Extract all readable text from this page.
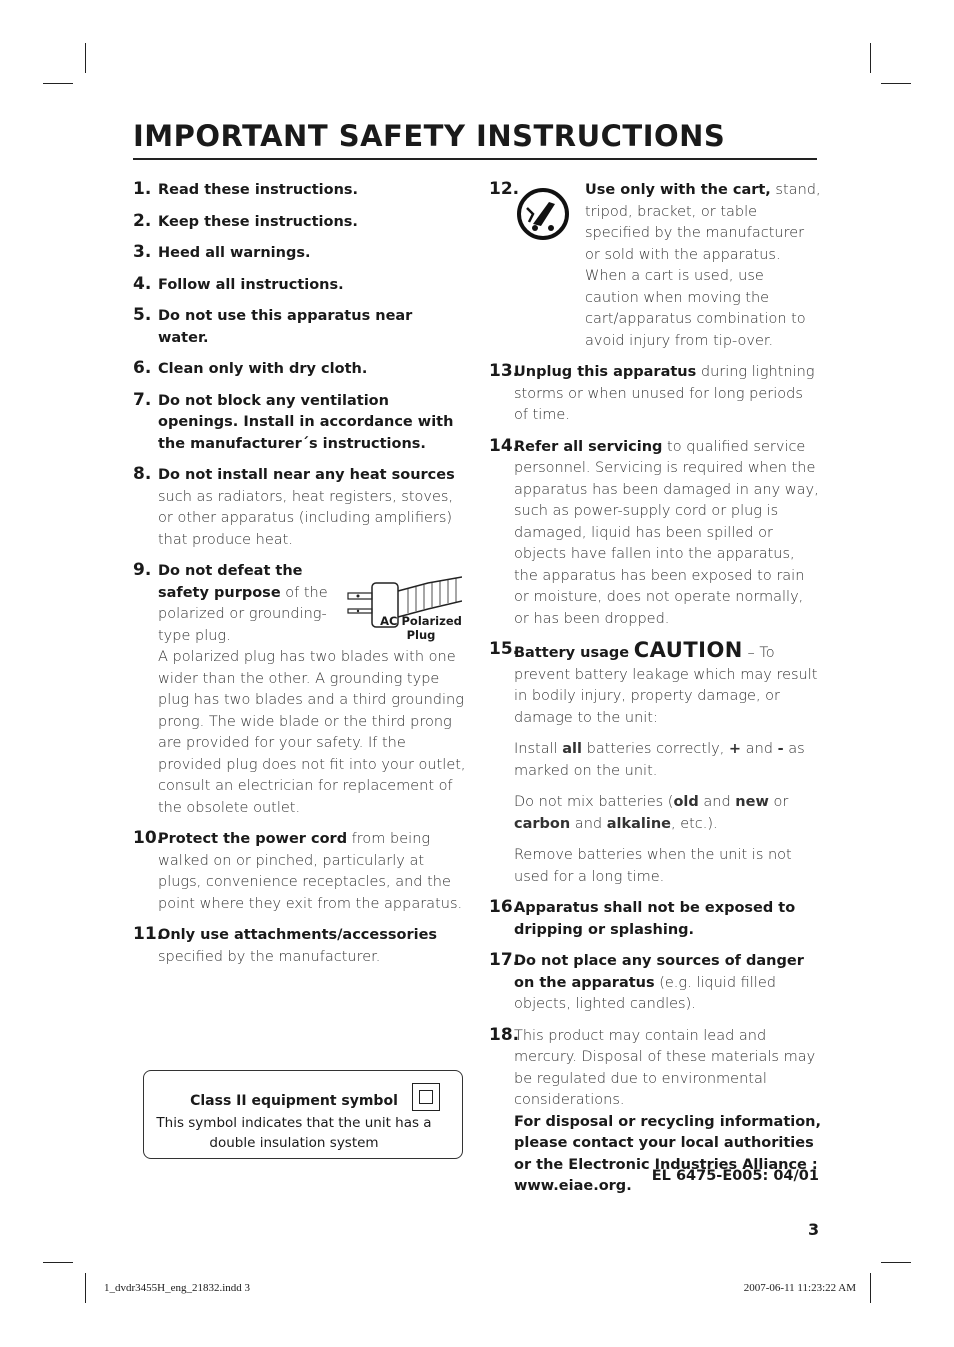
IMPORTANT SAFETY INSTRUCTIONS
1. Read these instructions.
2. Keep these instructions.
3. Heed all warnings.
4. Follow all instructions.
5. Do not use this apparatus near water.
6. Clean only with dry cloth.
7. Do not block any ventilation openings. Install in accordance with the manufacturer´s instructions.
8. Do not install near any heat sources such as radiators, heat registers, stoves, or other apparatus (including amplifiers) that produce heat.
9. Do not defeat the safety purpose of the polarized or grounding-type plug.
A polarized plug has two blades with one wider than the other. A grounding type plug has two blades and a third grounding prong. The wide blade or the third prong are provided for your safety. If the provided plug does not fit into your outlet, consult an electrician for replacement of the obsolete outlet.
10.
Protect the power cord from being walked on or pinched, particularly at plugs, convenience receptacles, and the point where they exit from the apparatus.
11.
Only use attachments/accessories specified by the manufacturer.
AC Polarized Plug
12.	Use only with the cart, stand, tripod, bracket, or table specified by the manufacturer or sold with the apparatus. When a cart is used, use caution when moving the cart/apparatus combination to avoid injury from tip-over.
13.
Unplug this apparatus during lightning storms or when unused for long periods of time.
14.
Refer all servicing to qualified service personnel. Servicing is required when the apparatus has been damaged in any way, such as power-supply cord or plug is damaged, liquid has been spilled or objects have fallen into the apparatus, the apparatus has been exposed to rain or moisture, does not operate normally, or has been dropped.
15.
Battery usage CAUTION – To prevent battery leakage which may result in bodily injury, property damage, or damage to the unit:
Install all batteries correctly, + and - as marked on the unit.
Do not mix batteries (old and new or carbon and alkaline, etc.).
Remove batteries when the unit is not used for a long time.
16.
Apparatus shall not be exposed to dripping or splashing.
17.
Do not place any sources of danger on the apparatus (e.g. liquid filled objects, lighted candles).
18.
This product may contain lead and mercury. Disposal of these materials may be regulated due to environmental considerations.
For disposal or recycling information, please contact your local authorities or the Electronic Industries Alliance : www.eiae.org.
Class II equipment symbol
This symbol indicates that the unit has a double insulation system
EL 6475-E005: 04/01
3
1_dvdr3455H_eng_21832.indd 3	2007-06-11 11:23:22 AM
